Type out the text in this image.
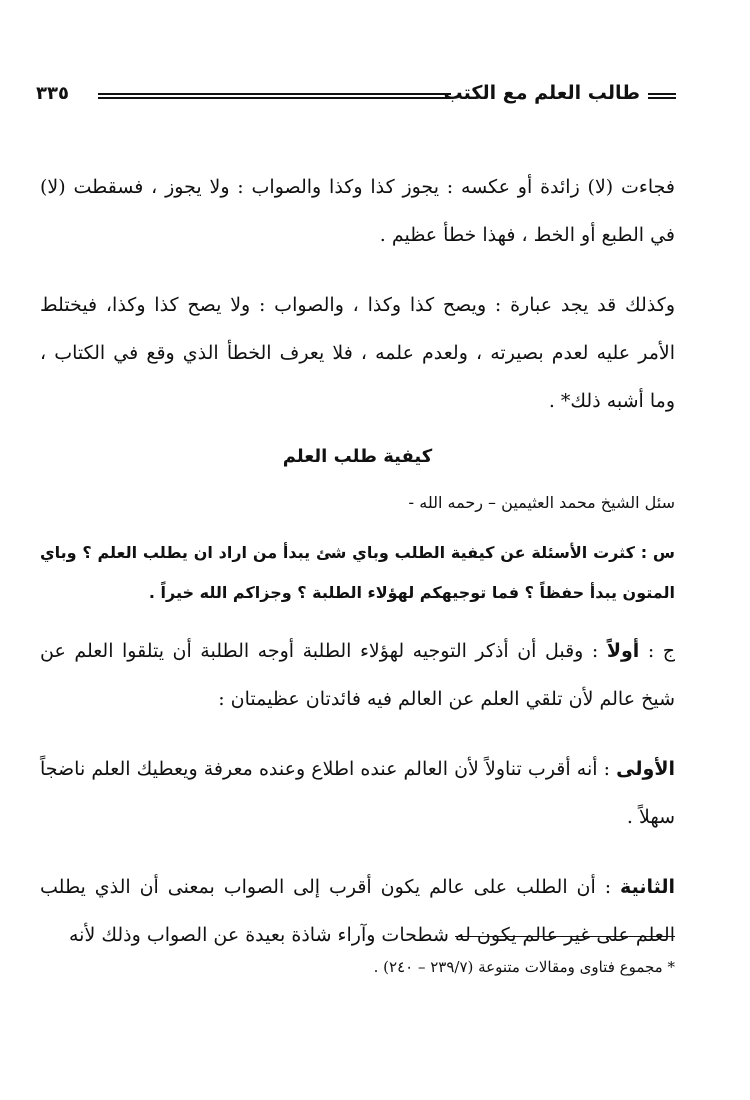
طالب العلم مع الكتب
٣٣٥

فجاءت (لا) زائدة أو عكسه : يجوز كذا وكذا والصواب : ولا يجوز ، فسقطت (لا) في الطبع أو الخط ، فهذا خطأ عظيم .

وكذلك قد يجد عبارة : ويصح كذا وكذا ، والصواب : ولا يصح كذا وكذا، فيختلط الأمر عليه لعدم بصيرته ، ولعدم علمه ، فلا يعرف الخطأ الذي وقع في الكتاب ، وما أشبه ذلك* .

كيفية طلب العلم
سئل الشيخ محمد العثيمين – رحمه الله -

س : كثرت الأسئلة عن كيفية الطلب وباي شئ يبدأ من اراد ان يطلب العلم ؟ وباي المتون يبدأ حفظاً ؟ فما توجيهكم لهؤلاء الطلبة ؟ وجزاكم الله خيراً .

ج : أولاً : وقبل أن أذكر التوجيه لهؤلاء الطلبة أوجه الطلبة أن يتلقوا العلم عن شيخ عالم لأن تلقي العلم عن العالم فيه فائدتان عظيمتان :

الأولى : أنه أقرب تناولاً لأن العالم عنده اطلاع وعنده معرفة ويعطيك العلم ناضجاً سهلاً .

الثانية : أن الطلب على عالم يكون أقرب إلى الصواب بمعنى أن الذي يطلب العلم على غير عالم يكون له شطحات وآراء شاذة بعيدة عن الصواب وذلك لأنه

* مجموع فتاوى ومقالات متنوعة (٢٣٩/٧ – ٢٤٠) .
